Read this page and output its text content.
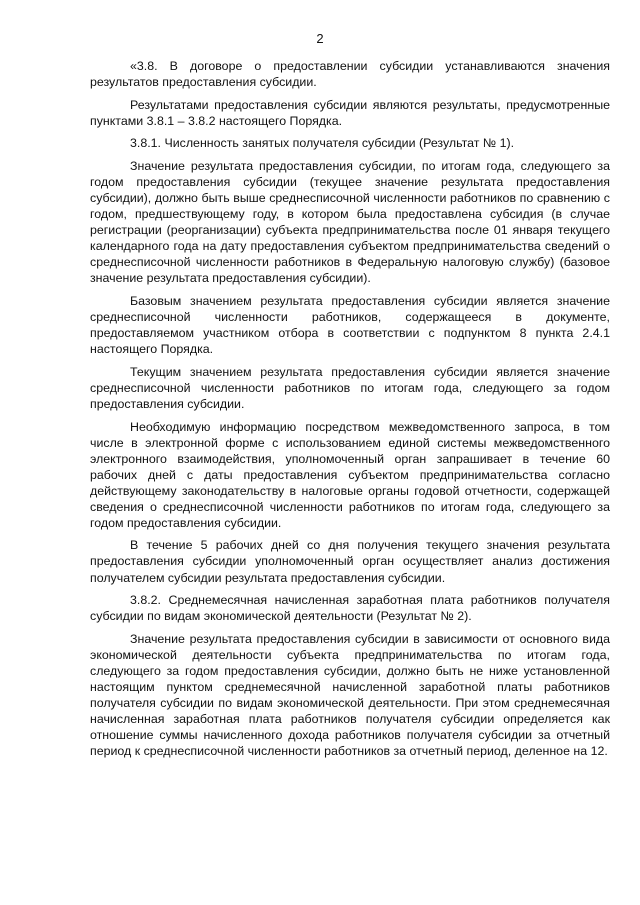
2

«3.8. В договоре о предоставлении субсидии устанавливаются значения результатов предоставления субсидии.

Результатами предоставления субсидии являются результаты, предусмотренные пунктами 3.8.1 – 3.8.2 настоящего Порядка.

3.8.1. Численность занятых получателя субсидии (Результат № 1).

Значение результата предоставления субсидии, по итогам года, следующего за годом предоставления субсидии (текущее значение результата предоставления субсидии), должно быть выше среднесписочной численности работников по сравнению с годом, предшествующему году, в котором была предоставлена субсидия (в случае регистрации (реорганизации) субъекта предпринимательства после 01 января текущего календарного года на дату предоставления субъектом предпринимательства сведений о среднесписочной численности работников в Федеральную налоговую службу) (базовое значение результата предоставления субсидии).

Базовым значением результата предоставления субсидии является значение среднесписочной численности работников, содержащееся в документе, предоставляемом участником отбора в соответствии с подпунктом 8 пункта 2.4.1 настоящего Порядка.

Текущим значением результата предоставления субсидии является значение среднесписочной численности работников по итогам года, следующего за годом предоставления субсидии.

Необходимую информацию посредством межведомственного запроса, в том числе в электронной форме с использованием единой системы межведомственного электронного взаимодействия, уполномоченный орган запрашивает в течение 60 рабочих дней с даты предоставления субъектом предпринимательства согласно действующему законодательству в налоговые органы годовой отчетности, содержащей сведения о среднесписочной численности работников по итогам года, следующего за годом предоставления субсидии.

В течение 5 рабочих дней со дня получения текущего значения результата предоставления субсидии уполномоченный орган осуществляет анализ достижения получателем субсидии результата предоставления субсидии.

3.8.2. Среднемесячная начисленная заработная плата работников получателя субсидии по видам экономической деятельности (Результат № 2).

Значение результата предоставления субсидии в зависимости от основного вида экономической деятельности субъекта предпринимательства по итогам года, следующего за годом предоставления субсидии, должно быть не ниже установленной настоящим пунктом среднемесячной начисленной заработной платы работников получателя субсидии по видам экономической деятельности. При этом среднемесячная начисленная заработная плата работников получателя субсидии определяется как отношение суммы начисленного дохода работников получателя субсидии за отчетный период к среднесписочной численности работников за отчетный период, деленное на 12.
